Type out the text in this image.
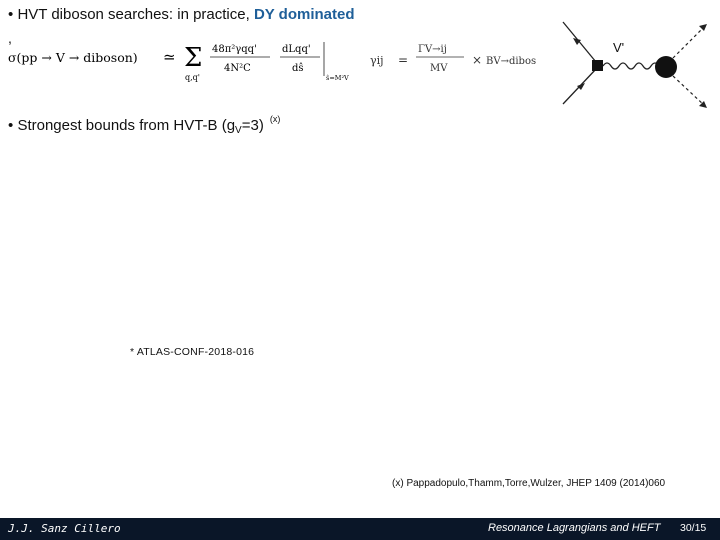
• HVT diboson searches: in practice, DY dominated
,
σ(pp → V → diboson) ≃ Σ
q,q'
48π²γqq'
4N²C
dLqq'
dŝ
ŝ=M²V
γij =
ΓV→ij
MV
× BV→dibos
V'
• Strongest bounds from HVT-B $(g_V=3)$ $^{(x)}$
* ATLAS-CONF-2018-016
(x) Pappadopulo,Thamm,Torre,Wulzer, JHEP 1409 (2014)060
J.J. Sanz Cillero	Resonance Lagrangians and HEFT 30/15
